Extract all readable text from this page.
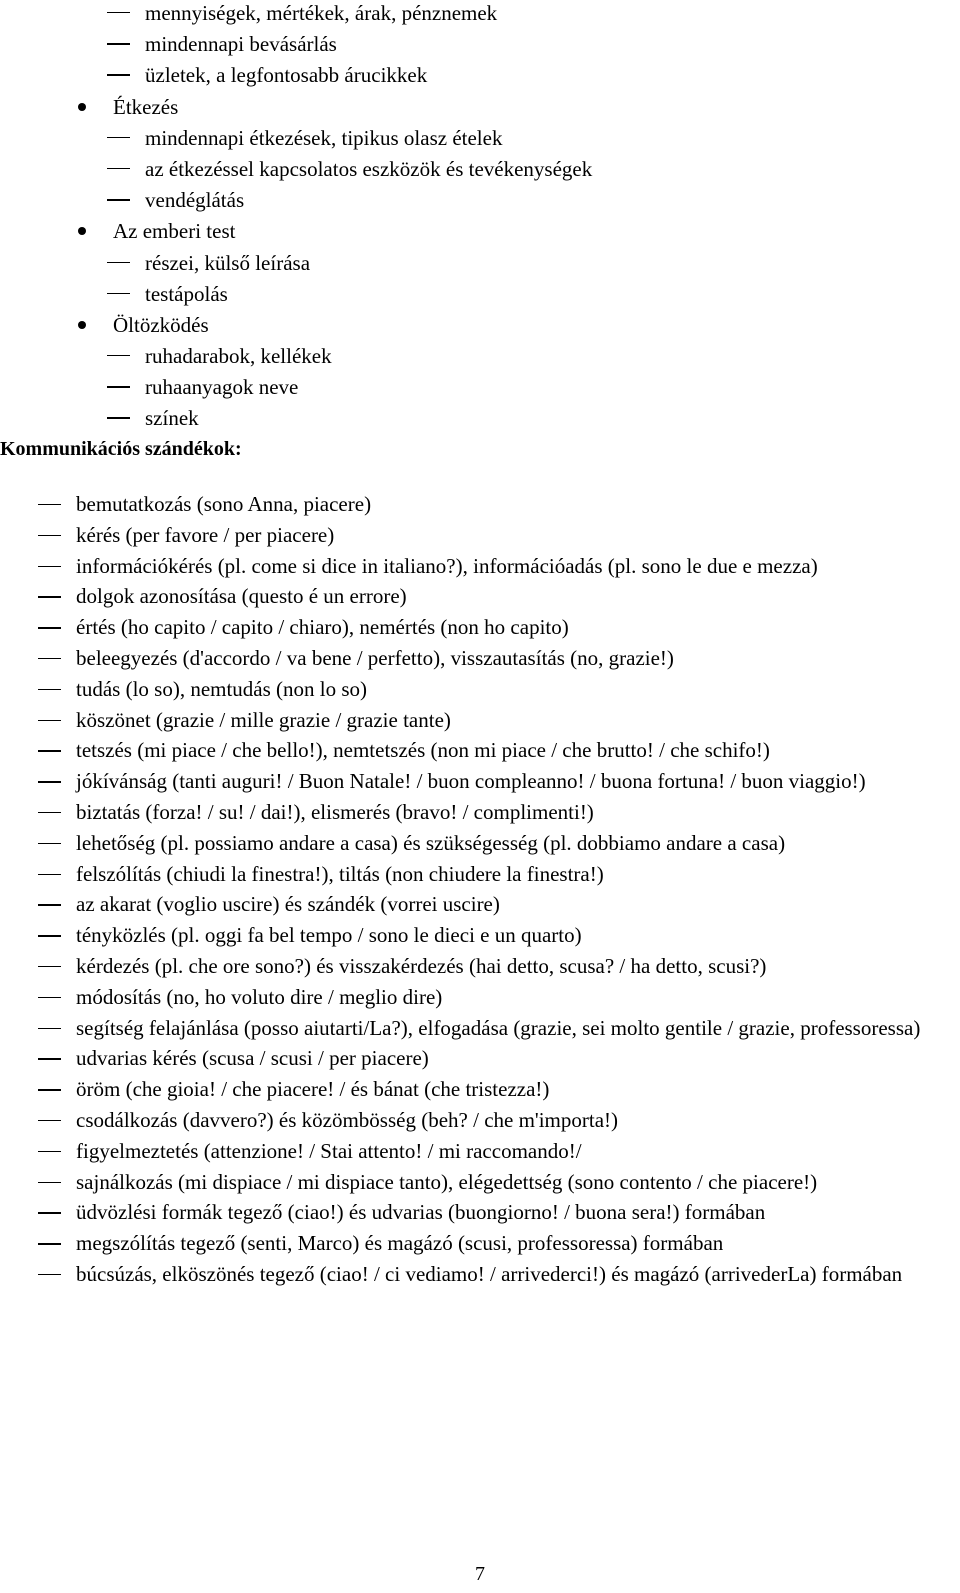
mennyiségek, mértékek, árak, pénznemek
mindennapi bevásárlás
üzletek, a legfontosabb árucikkek
Étkezés
mindennapi étkezések, tipikus olasz ételek
az étkezéssel kapcsolatos eszközök és tevékenységek
vendéglátás
Az emberi test
részei, külső leírása
testápolás
Öltözködés
ruhadarabok, kellékek
ruhaanyagok neve
színek
Kommunikációs szándékok:
bemutatkozás (sono Anna, piacere)
kérés (per favore / per piacere)
információkérés (pl. come si dice in italiano?), információadás (pl. sono le due e mezza)
dolgok azonosítása (questo é un errore)
értés (ho capito / capito / chiaro), nemértés (non ho capito)
beleegyezés (d'accordo / va bene / perfetto), visszautasítás (no, grazie!)
tudás (lo so), nemtudás (non lo so)
köszönet (grazie / mille grazie / grazie tante)
tetszés (mi piace / che bello!), nemtetszés (non mi piace / che brutto! / che schifo!)
jókívánság (tanti auguri! / Buon Natale! / buon compleanno! / buona fortuna! / buon viaggio!)
biztatás (forza! / su! / dai!), elismerés (bravo! / complimenti!)
lehetőség (pl. possiamo andare a casa) és szükségesség (pl. dobbiamo andare a casa)
felszólítás (chiudi la finestra!), tiltás (non chiudere la finestra!)
az akarat (voglio uscire) és szándék (vorrei uscire)
tényközlés (pl. oggi fa bel tempo / sono le dieci e un quarto)
kérdezés (pl. che ore sono?) és visszakérdezés (hai detto, scusa? / ha detto, scusi?)
módosítás (no, ho voluto dire / meglio dire)
segítség felajánlása (posso aiutarti/La?), elfogadása (grazie, sei molto gentile / grazie, professoressa)
udvarias kérés (scusa / scusi / per piacere)
öröm (che gioia! / che piacere! / és bánat (che tristezza!)
csodálkozás (davvero?) és közömbösség (beh? / che m'importa!)
figyelmeztetés (attenzione! / Stai attento! / mi raccomando!/
sajnálkozás (mi dispiace / mi dispiace tanto), elégedettség (sono contento / che piacere!)
üdvözlési formák tegező (ciao!) és udvarias (buongiorno! / buona sera!) formában
megszólítás tegező (senti, Marco) és magázó (scusi, professoressa) formában
búcsúzás, elköszönés tegező (ciao! / ci vediamo! / arrivederci!) és magázó (arrivederLa) formában
7
